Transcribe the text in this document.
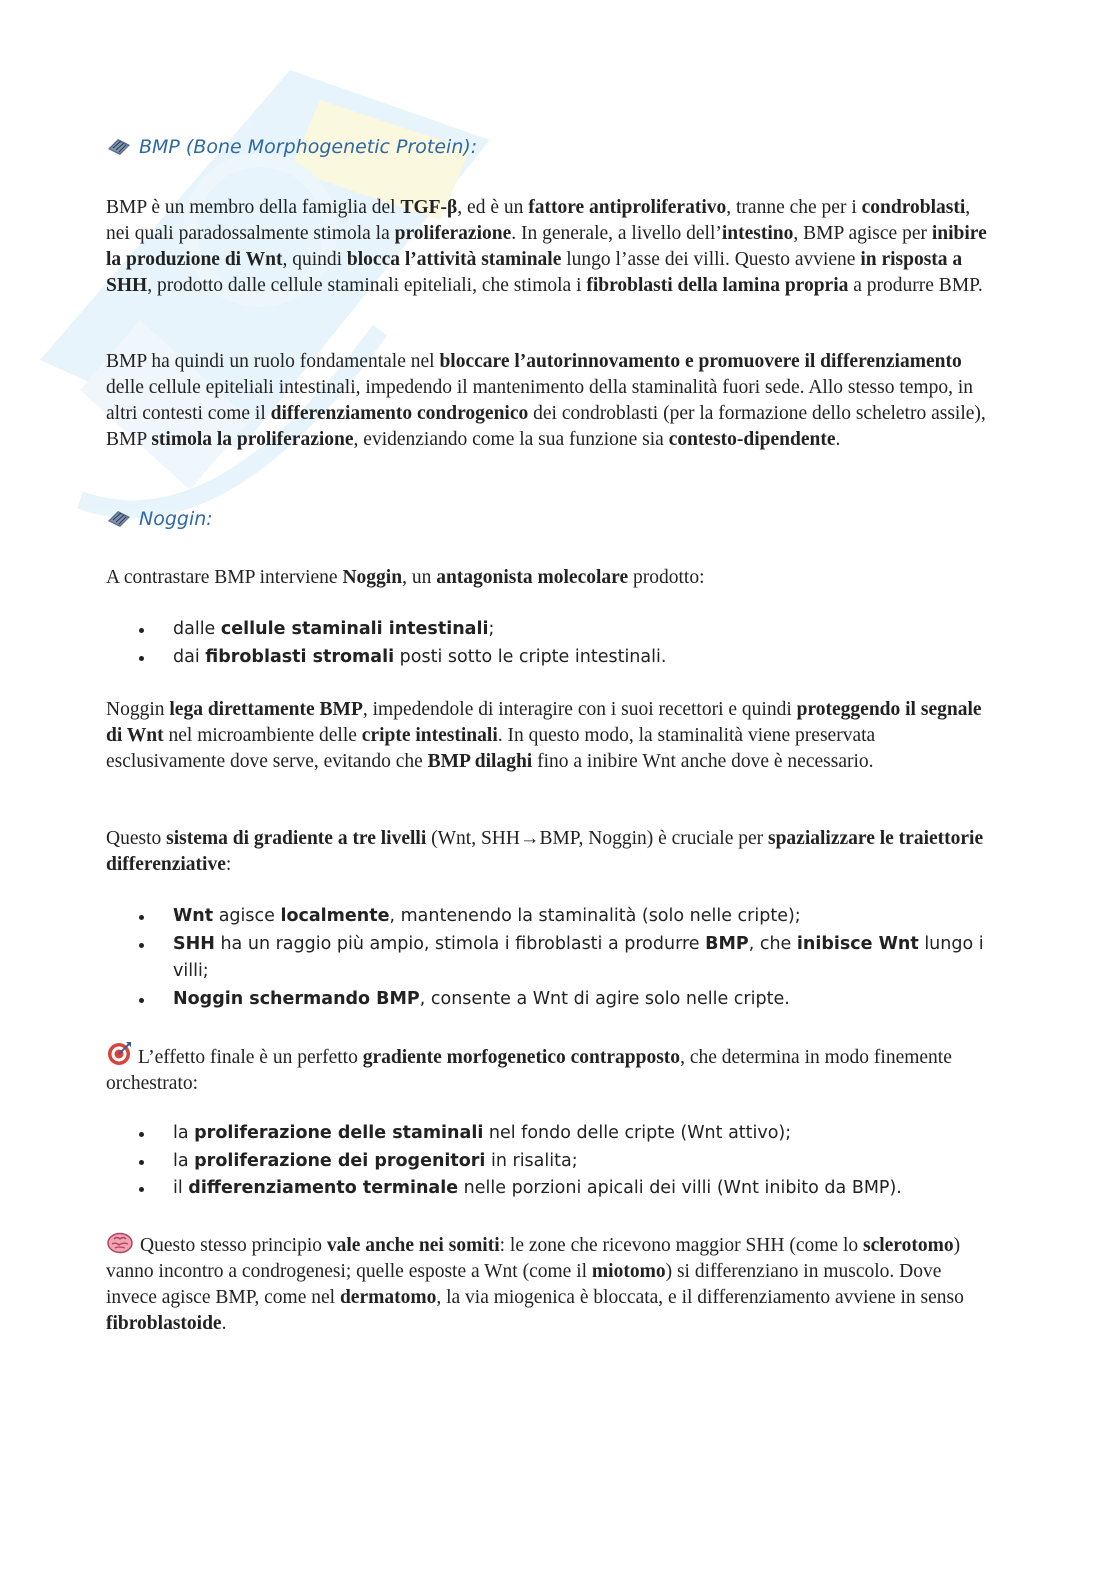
BMP (Bone Morphogenetic Protein):

BMP è un membro della famiglia del TGF-β, ed è un fattore antiproliferativo, tranne che per i condroblasti, nei quali paradossalmente stimola la proliferazione. In generale, a livello dell’intestino, BMP agisce per inibire la produzione di Wnt, quindi blocca l’attività staminale lungo l’asse dei villi. Questo avviene in risposta a SHH, prodotto dalle cellule staminali epiteliali, che stimola i fibroblasti della lamina propria a produrre BMP.

BMP ha quindi un ruolo fondamentale nel bloccare l’autorinnovamento e promuovere il differenziamento delle cellule epiteliali intestinali, impedendo il mantenimento della staminalità fuori sede. Allo stesso tempo, in altri contesti come il differenziamento condrogenico dei condroblasti (per la formazione dello scheletro assile), BMP stimola la proliferazione, evidenziando come la sua funzione sia contesto-dipendente.

Noggin:

A contrastare BMP interviene Noggin, un antagonista molecolare prodotto:

dalle cellule staminali intestinali;
dai fibroblasti stromali posti sotto le cripte intestinali.

Noggin lega direttamente BMP, impedendole di interagire con i suoi recettori e quindi proteggendo il segnale di Wnt nel microambiente delle cripte intestinali. In questo modo, la staminalità viene preservata esclusivamente dove serve, evitando che BMP dilaghi fino a inibire Wnt anche dove è necessario.

Questo sistema di gradiente a tre livelli (Wnt, SHH→BMP, Noggin) è cruciale per spazializzare le traiettorie differenziative:

Wnt agisce localmente, mantenendo la staminalità (solo nelle cripte);
SHH ha un raggio più ampio, stimola i fibroblasti a produrre BMP, che inibisce Wnt lungo i villi;
Noggin schermando BMP, consente a Wnt di agire solo nelle cripte.

L’effetto finale è un perfetto gradiente morfogenetico contrapposto, che determina in modo finemente orchestrato:

la proliferazione delle staminali nel fondo delle cripte (Wnt attivo);
la proliferazione dei progenitori in risalita;
il differenziamento terminale nelle porzioni apicali dei villi (Wnt inibito da BMP).

Questo stesso principio vale anche nei somiti: le zone che ricevono maggior SHH (come lo sclerotomo) vanno incontro a condrogenesi; quelle esposte a Wnt (come il miotomo) si differenziano in muscolo. Dove invece agisce BMP, come nel dermatomo, la via miogenica è bloccata, e il differenziamento avviene in senso fibroblastoide.
